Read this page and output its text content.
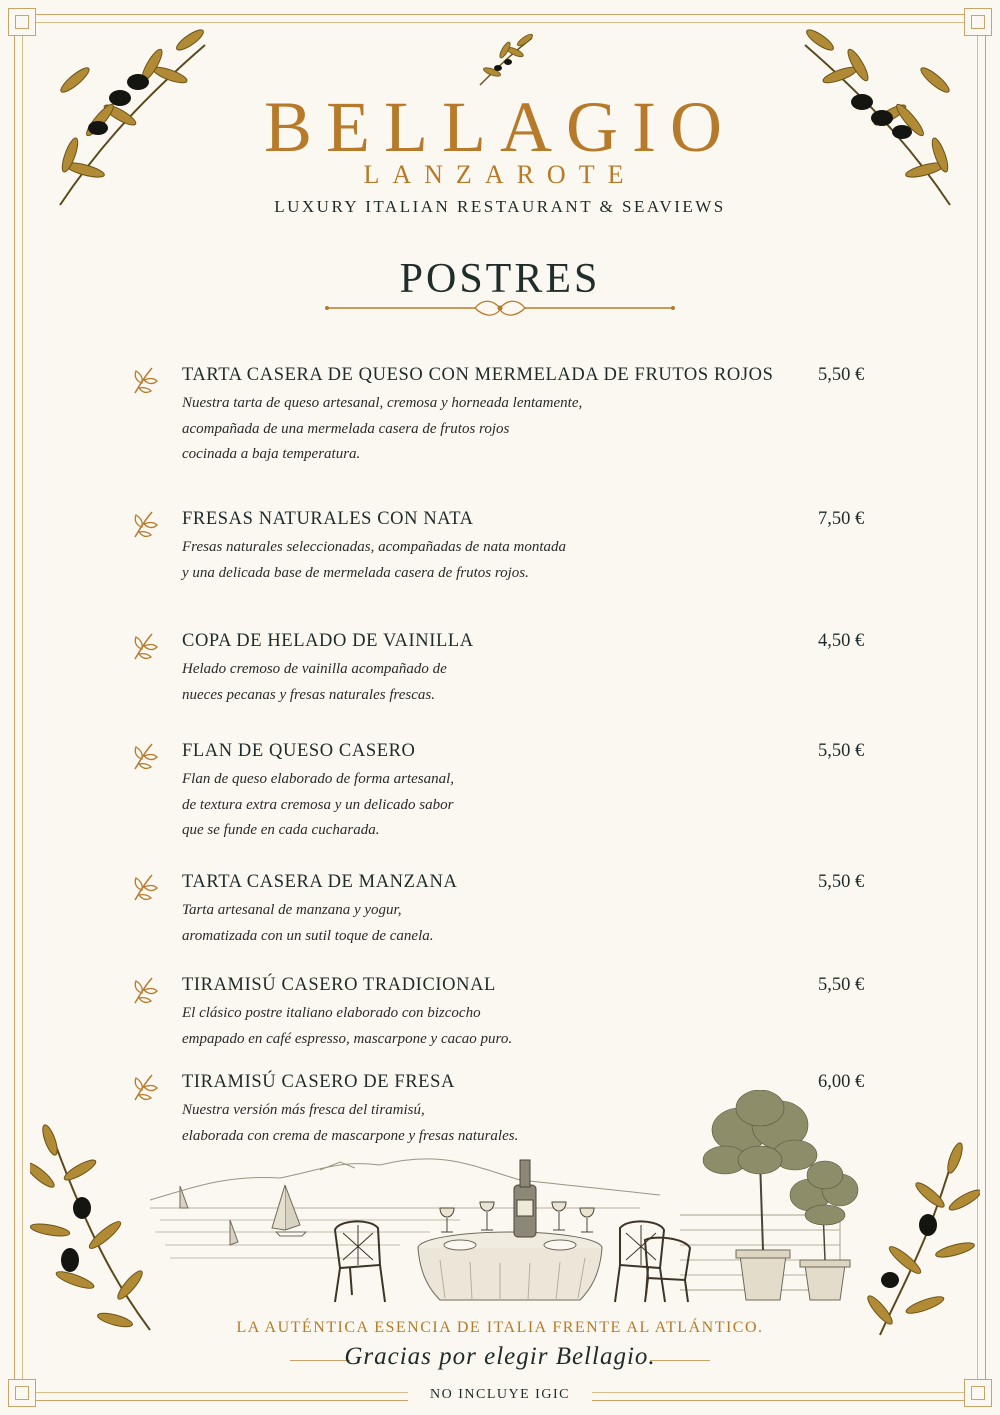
BELLAGIO
LANZAROTE
LUXURY ITALIAN RESTAURANT & SEAVIEWS
POSTRES
TARTA CASERA DE QUESO CON MERMELADA DE FRUTOS ROJOS 5,50 €
Nuestra tarta de queso artesanal, cremosa y horneada lentamente,
acompañada de una mermelada casera de frutos rojos
cocinada a baja temperatura.
FRESAS NATURALES CON NATA	7,50 €
Fresas naturales seleccionadas, acompañadas de nata montada
y una delicada base de mermelada casera de frutos rojos.
COPA DE HELADO DE VAINILLA	4,50 €
Helado cremoso de vainilla acompañado de
nueces pecanas y fresas naturales frescas.
FLAN DE QUESO CASERO	5,50 €
Flan de queso elaborado de forma artesanal,
de textura extra cremosa y un delicado sabor
que se funde en cada cucharada.
TARTA CASERA DE MANZANA	5,50 €
Tarta artesanal de manzana y yogur,
aromatizada con un sutil toque de canela.
TIRAMISÚ CASERO TRADICIONAL	5,50 €
El clásico postre italiano elaborado con bizcocho
empapado en café espresso, mascarpone y cacao puro.
TIRAMISÚ CASERO DE FRESA	6,00 €
Nuestra versión más fresca del tiramisú,
elaborada con crema de mascarpone y fresas naturales.
LA AUTÉNTICA ESENCIA DE ITALIA FRENTE AL ATLÁNTICO.
Gracias por elegir Bellagio.
NO INCLUYE IGIC
